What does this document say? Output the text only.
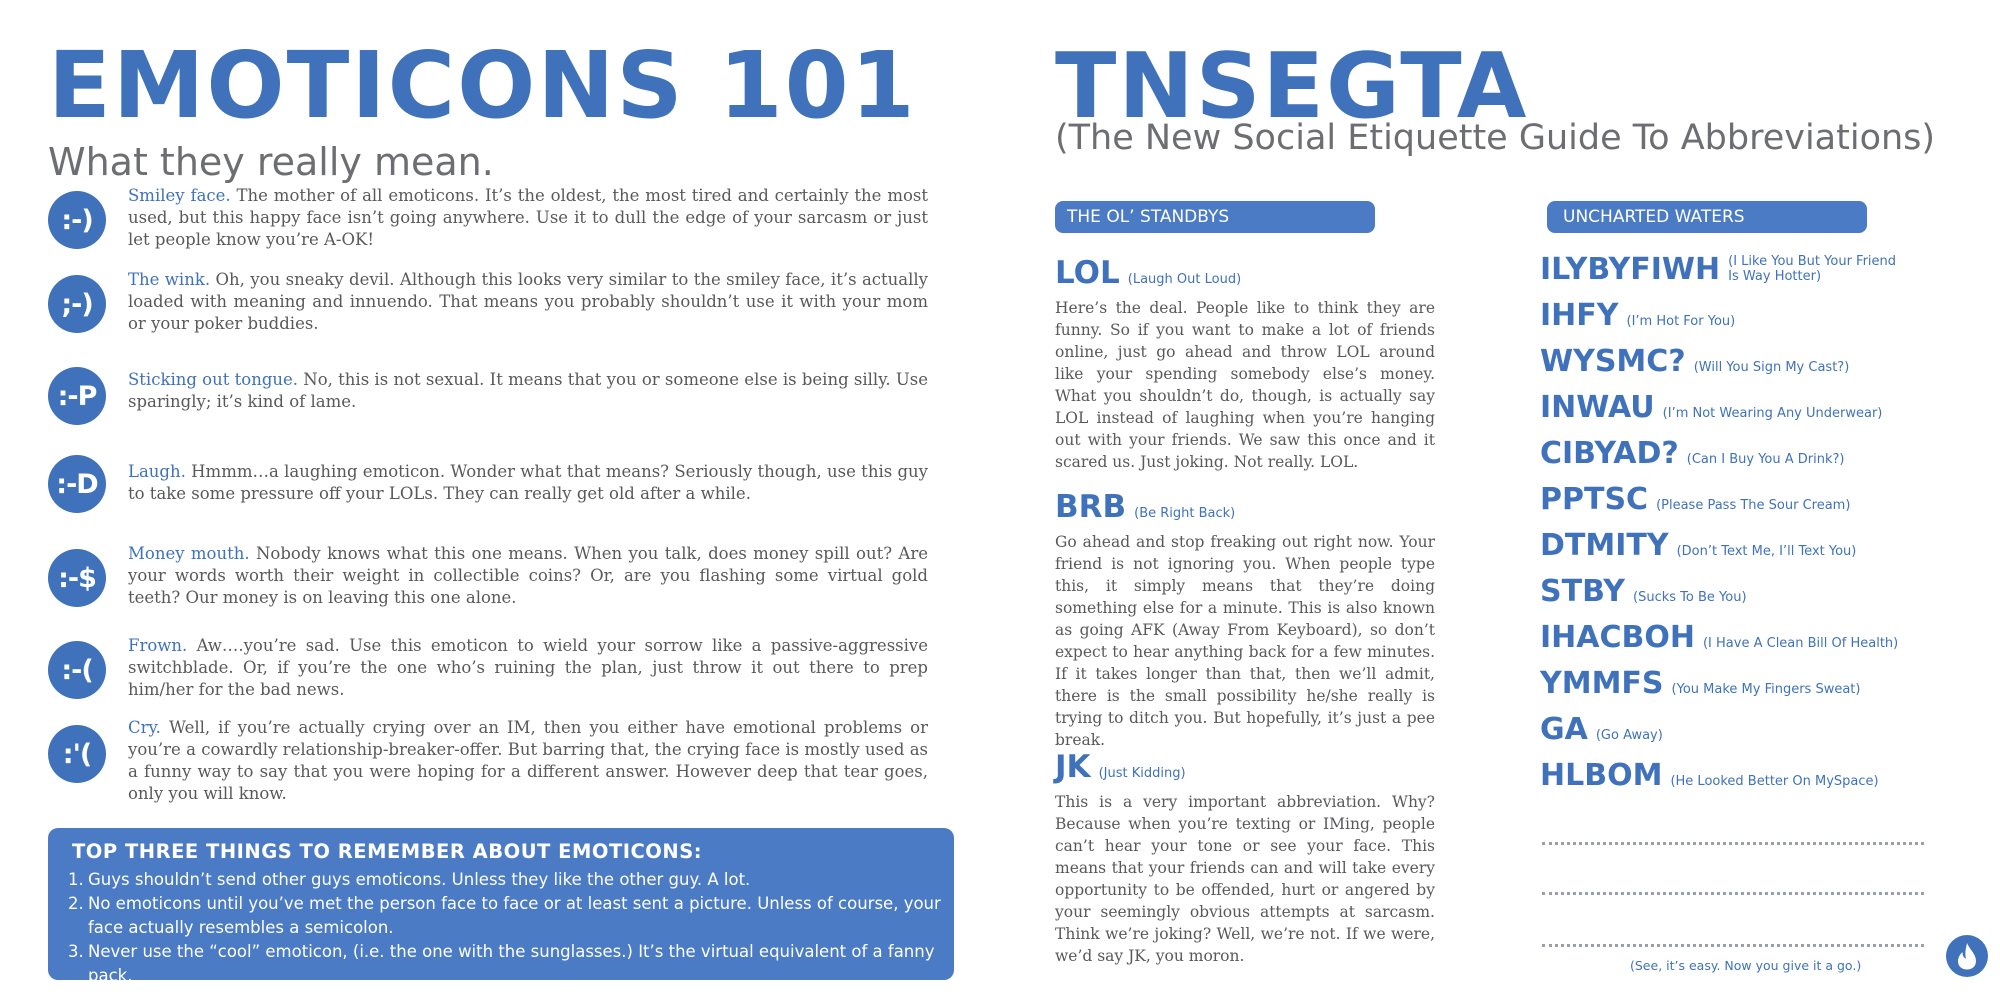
EMOTICONS 101
What they really mean.
:-)
Smiley face. The mother of all emoticons. It’s the oldest, the most tired and certainly the most used, but this happy face isn’t going anywhere. Use it to dull the edge of your sarcasm or just let people know you’re A-OK!
;-)
The wink. Oh, you sneaky devil. Although this looks very similar to the smiley face, it’s actually loaded with meaning and innuendo. That means you probably shouldn’t use it with your mom or your poker buddies.
:-P
Sticking out tongue. No, this is not sexual. It means that you or someone else is being silly. Use sparingly; it’s kind of lame.
:-D	Laugh. Hmmm…a laughing emoticon. Wonder what that means? Seriously though, use this guy to take some pressure off your LOLs. They can really get old after a while.
:-$
Money mouth. Nobody knows what this one means. When you talk, does money spill out? Are your words worth their weight in collectible coins? Or, are you flashing some virtual gold teeth? Our money is on leaving this one alone.
:-(
Frown. Aw….you’re sad. Use this emoticon to wield your sorrow like a passive-aggressive switchblade. Or, if you’re the one who’s ruining the plan, just throw it out there to prep him/her for the bad news.
:'(
Cry. Well, if you’re actually crying over an IM, then you either have emotional problems or you’re a cowardly relationship-breaker-offer. But barring that, the crying face is mostly used as a funny way to say that you were hoping for a different answer. However deep that tear goes, only you will know.
TOP THREE THINGS TO REMEMBER ABOUT EMOTICONS:
1. Guys shouldn’t send other guys emoticons. Unless they like the other guy. A lot.
2. No emoticons until you’ve met the person face to face or at least sent a picture. Unless of course, your face actually resembles a semicolon.
3. Never use the “cool” emoticon, (i.e. the one with the sunglasses.) It’s the virtual equivalent of a fanny pack.
TNSEGTA
(The New Social Etiquette Guide To Abbreviations)
THE OL’ STANDBYS	UNCHARTED WATERS
LOL (Laugh Out Loud)
Here’s the deal. People like to think they are funny. So if you want to make a lot of friends online, just go ahead and throw LOL around like your spending somebody else’s money. What you shouldn’t do, though, is actually say LOL instead of laughing when you’re hanging out with your friends. We saw this once and it scared us. Just joking. Not really. LOL.
BRB (Be Right Back)
Go ahead and stop freaking out right now. Your friend is not ignoring you. When people type this, it simply means that they’re doing something else for a minute. This is also known as going AFK (Away From Keyboard), so don’t expect to hear anything back for a few minutes. If it takes longer than that, then we’ll admit, there is the small possibility he/she really is trying to ditch you. But hopefully, it’s just a pee break.
JK (Just Kidding)
This is a very important abbreviation. Why? Because when you’re texting or IMing, people can’t hear your tone or see your face. This means that your friends can and will take every opportunity to be offended, hurt or angered by your seemingly obvious attempts at sarcasm. Think we’re joking? Well, we’re not. If we were, we’d say JK, you moron.
ILYBYFIWH (I Like You But Your Friend
Is Way Hotter)
IHFY (I’m Hot For You)
WYSMC? (Will You Sign My Cast?)
INWAU (I’m Not Wearing Any Underwear)
CIBYAD? (Can I Buy You A Drink?)
PPTSC (Please Pass The Sour Cream)
DTMITY (Don’t Text Me, I’ll Text You)
STBY (Sucks To Be You)
IHACBOH (I Have A Clean Bill Of Health)
YMMFS (You Make My Fingers Sweat)
GA (Go Away)
HLBOM (He Looked Better On MySpace)
(See, it’s easy. Now you give it a go.)
